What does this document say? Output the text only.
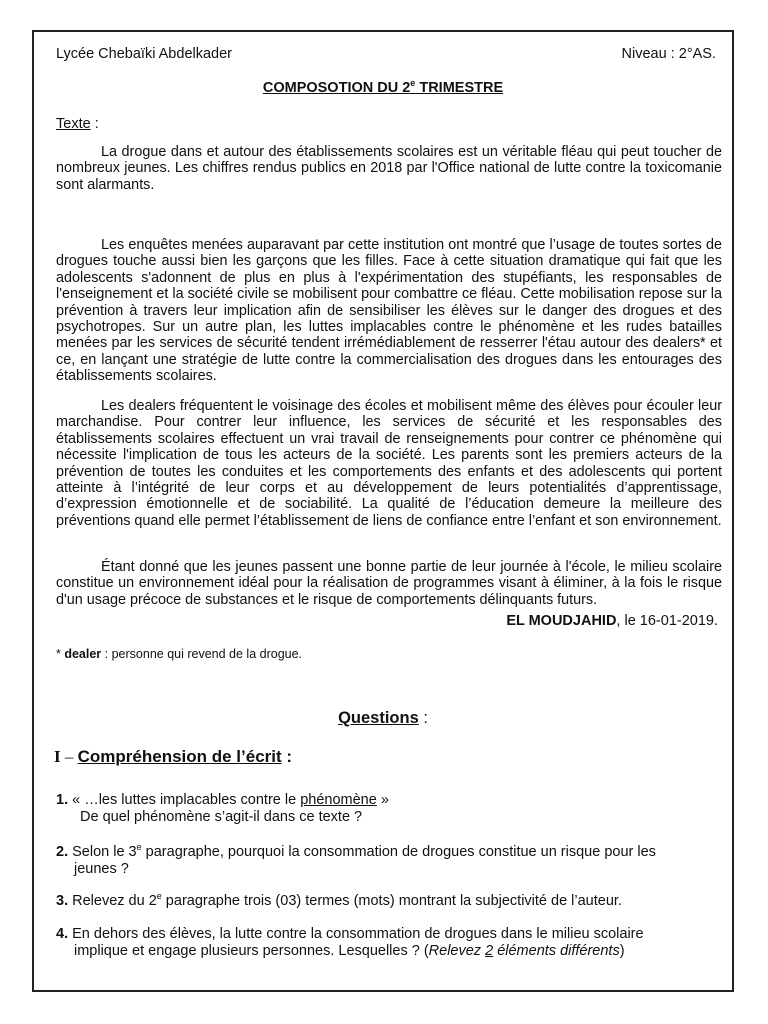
Lycée Chebaïki Abdelkader	Niveau : 2°AS.
COMPOSOTION DU 2e TRIMESTRE
Texte :

La drogue dans et autour des établissements scolaires est un véritable fléau qui peut toucher de nombreux jeunes. Les chiffres rendus publics en 2018 par l'Office national de lutte contre la toxicomanie sont alarmants.

Les enquêtes menées auparavant par cette institution ont montré que l’usage de toutes sortes de drogues touche aussi bien les garçons que les filles. Face à cette situation dramatique qui fait que les adolescents s'adonnent de plus en plus à l'expérimentation des stupéfiants, les responsables de l'enseignement et la société civile se mobilisent pour combattre ce fléau. Cette mobilisation repose sur la prévention à travers leur implication afin de sensibiliser les élèves sur le danger des drogues et des psychotropes. Sur un autre plan, les luttes implacables contre le phénomène et les rudes batailles menées par les services de sécurité tendent irrémédiablement de resserrer l'étau autour des dealers* et ce, en lançant une stratégie de lutte contre la commercialisation des drogues dans les entourages des établissements scolaires.

Les dealers fréquentent le voisinage des écoles et mobilisent même des élèves pour écouler leur marchandise. Pour contrer leur influence, les services de sécurité et les responsables des établissements scolaires effectuent un vrai travail de renseignements pour contrer ce phénomène qui nécessite l'implication de tous les acteurs de la société. Les parents sont les premiers acteurs de la prévention de toutes les conduites et les comportements des enfants et des adolescents qui portent atteinte à l’intégrité de leur corps et au développement de leurs potentialités d’apprentissage, d’expression émotionnelle et de sociabilité. La qualité de l’éducation demeure la meilleure des préventions quand elle permet l’établissement de liens de confiance entre l’enfant et son environnement.

Étant donné que les jeunes passent une bonne partie de leur journée à l'école, le milieu scolaire constitue un environnement idéal pour la réalisation de programmes visant à éliminer, à la fois le risque d'un usage précoce de substances et le risque de comportements délinquants futurs.

EL MOUDJAHID, le 16-01-2019.
* dealer : personne qui revend de la drogue.
Questions :
I – Compréhension de l’écrit :
1. « …les luttes implacables contre le phénomène »
De quel phénomène s’agit-il dans ce texte ?
2. Selon le 3e paragraphe, pourquoi la consommation de drogues constitue un risque pour les
jeunes ?
3. Relevez du 2e paragraphe trois (03) termes (mots) montrant la subjectivité de l’auteur.
4. En dehors des élèves, la lutte contre la consommation de drogues dans le milieu scolaire
implique et engage plusieurs personnes. Lesquelles ? (Relevez 2 éléments différents)
